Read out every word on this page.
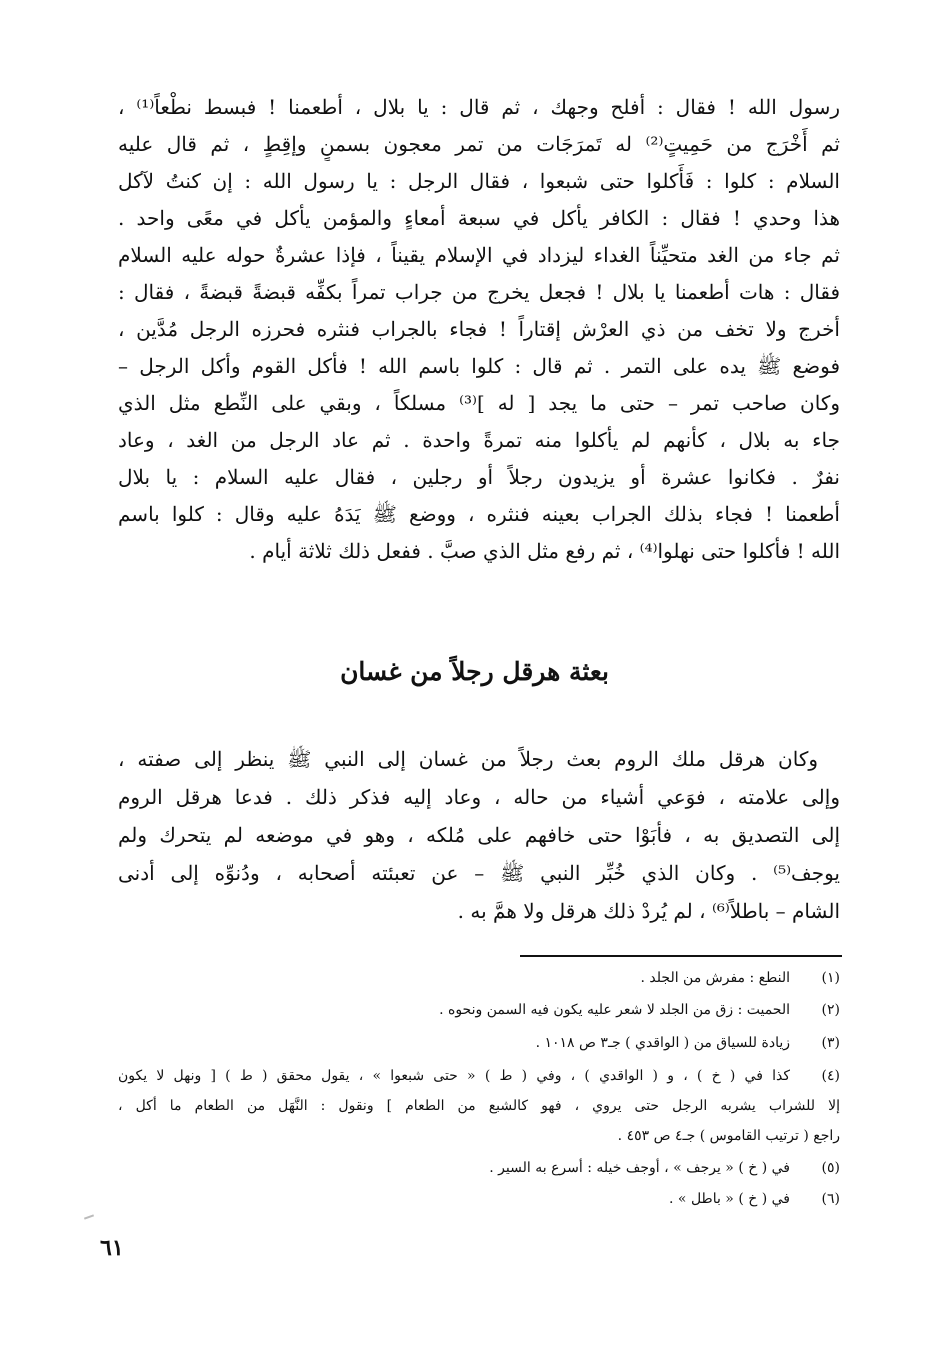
رسول الله ! فقال : أفلح وجهك ، ثم قال : يا بلال ، أطعمنا ! فبسط نطْعاً⁽¹⁾ ،
ثم أَخْرَج من حَمِيتٍ⁽²⁾ له تَمرَجَات من تمر معجون بسمنٍ وإقِطٍ ، ثم قال عليه
السلام : كلوا : فَأَكلوا حتى شبعوا ، فقال الرجل : يا رسول الله : إن كنتُ لآكل
هذا وحدي ! فقال : الكافر يأكل في سبعة أمعاءٍ والمؤمن يأكل في معًى واحد .
ثم جاء من الغد متحيِّناً الغداء ليزداد في الإسلام يقيناً ، فإذا عشرةٌ حوله عليه السلام
فقال : هات أطعمنا يا بلال ! فجعل يخرج من جراب تمراً بكفِّه قبضةً قبضةً ، فقال :
أخرج ولا تخف من ذي العرْش إقتاراً ! فجاء بالجراب فنثره فحرزه الرجل مُدَّين ،
فوضع ﷺ يده على التمر . ثم قال : كلوا باسم الله ! فأكل القوم وأكل الرجل –
وكان صاحب تمر – حتى ما يجد [ له ]⁽³⁾ مسلكاً ، وبقي على النِّطع مثل الذي
جاء به بلال ، كأنهم لم يأكلوا منه تمرةً واحدة . ثم عاد الرجل من الغد ، وعاد
نفرٌ . فكانوا عشرة أو يزيدون رجلاً أو رجلين ، فقال عليه السلام : يا بلال
أطعمنا ! فجاء بذلك الجراب بعينه فنثره ، ووضع ﷺ يَدَهُ عليه وقال : كلوا باسم
الله ! فأكلوا حتى نهلوا⁽⁴⁾ ، ثم رفع مثل الذي صبَّ . ففعل ذلك ثلاثة أيام .
بعثة هرقل رجلاً من غسان
وكان هرقل ملك الروم بعث رجلاً من غسان إلى النبي ﷺ ينظر إلى صفته ،
وإلى علامته ، فوَعي أشياء من حاله ، وعاد إليه فذكر ذلك . فدعا هرقل الروم
إلى التصديق به ، فأبَوْا حتى خافهم على مُلكه ، وهو في موضعه لم يتحرك ولم
يوجف⁽⁵⁾ . وكان الذي خُبِّر النبي ﷺ – عن تعبئته أصحابه ، ودُنوِّه إلى أدنى
الشام – باطلاً⁽⁶⁾ ، لم يُردْ ذلك هرقل ولا همَّ به .
(١)
النطع : مفرش من الجلد .
(٢)
الحميت : زق من الجلد لا شعر عليه يكون فيه السمن ونحوه .
(٣)
زيادة للسياق من ( الواقدي ) جـ٣ ص ١٠١٨ .
(٤)
كذا في ( خ ) ، و ( الواقدي ) ، وفي ( ط ) « حتى شبعوا » ، يقول محقق ( ط ) [ ونهل لا يكون
إلا للشراب يشربه الرجل حتى يروي ، فهو كالشبع من الطعام ] ونقول : النَّهَل من الطعام ما أكل ،
راجع ( ترتيب القاموس ) جـ٤ ص ٤٥٣ .
(٥)
في ( خ ) « يرجف » ، أوجف خيله : أسرع به السير .
(٦)
في ( خ ) « باطل » .
٦١
